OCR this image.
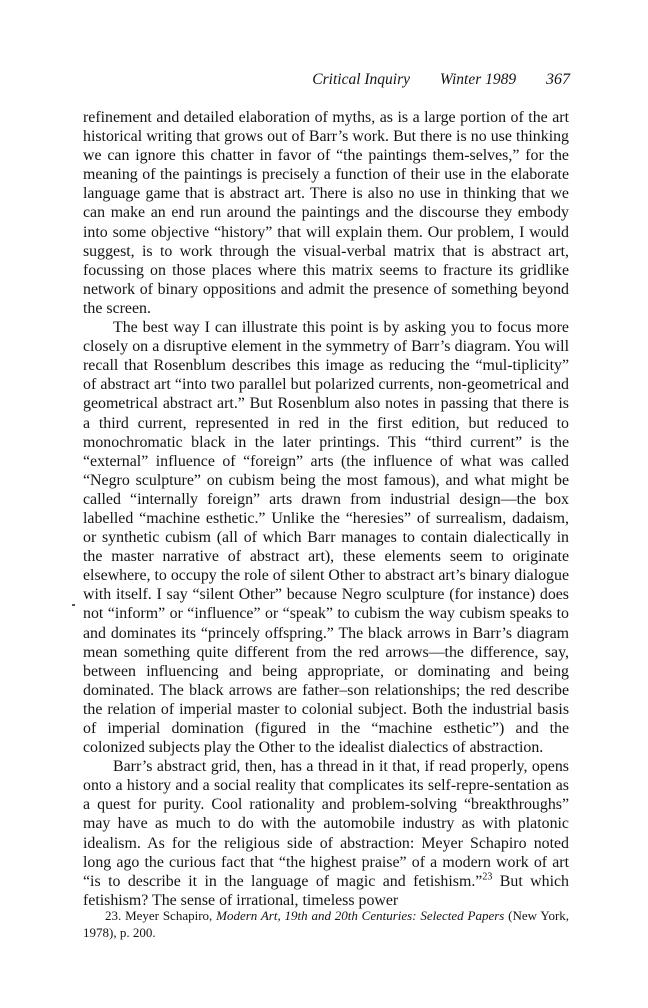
Critical Inquiry Winter 1989 367

refinement and detailed elaboration of myths, as is a large portion of the art historical writing that grows out of Barr’s work. But there is no use thinking we can ignore this chatter in favor of “the paintings them-selves,” for the meaning of the paintings is precisely a function of their use in the elaborate language game that is abstract art. There is also no use in thinking that we can make an end run around the paintings and the discourse they embody into some objective “history” that will explain them. Our problem, I would suggest, is to work through the visual-verbal matrix that is abstract art, focussing on those places where this matrix seems to fracture its gridlike network of binary oppositions and admit the presence of something beyond the screen.

The best way I can illustrate this point is by asking you to focus more closely on a disruptive element in the symmetry of Barr’s diagram. You will recall that Rosenblum describes this image as reducing the “mul-tiplicity” of abstract art “into two parallel but polarized currents, non-geometrical and geometrical abstract art.” But Rosenblum also notes in passing that there is a third current, represented in red in the first edition, but reduced to monochromatic black in the later printings. This “third current” is the “external” influence of “foreign” arts (the influence of what was called “Negro sculpture” on cubism being the most famous), and what might be called “internally foreign” arts drawn from industrial design—the box labelled “machine esthetic.” Unlike the “heresies” of surrealism, dadaism, or synthetic cubism (all of which Barr manages to contain dialectically in the master narrative of abstract art), these elements seem to originate elsewhere, to occupy the role of silent Other to abstract art’s binary dialogue with itself. I say “silent Other” because Negro sculpture (for instance) does not “inform” or “influence” or “speak” to cubism the way cubism speaks to and dominates its “princely offspring.” The black arrows in Barr’s diagram mean something quite different from the red arrows—the difference, say, between influencing and being appropriate, or dominating and being dominated. The black arrows are father–son relationships; the red describe the relation of imperial master to colonial subject. Both the industrial basis of imperial domination (figured in the “machine esthetic”) and the colonized subjects play the Other to the idealist dialectics of abstraction.

Barr’s abstract grid, then, has a thread in it that, if read properly, opens onto a history and a social reality that complicates its self-repre-sentation as a quest for purity. Cool rationality and problem-solving “breakthroughs” may have as much to do with the automobile industry as with platonic idealism. As for the religious side of abstraction: Meyer Schapiro noted long ago the curious fact that “the highest praise” of a modern work of art “is to describe it in the language of magic and fetishism.”$^{23}$ But which fetishism? The sense of irrational, timeless power

23. Meyer Schapiro, Modern Art, 19th and 20th Centuries: Selected Papers (New York, 1978), p. 200.
